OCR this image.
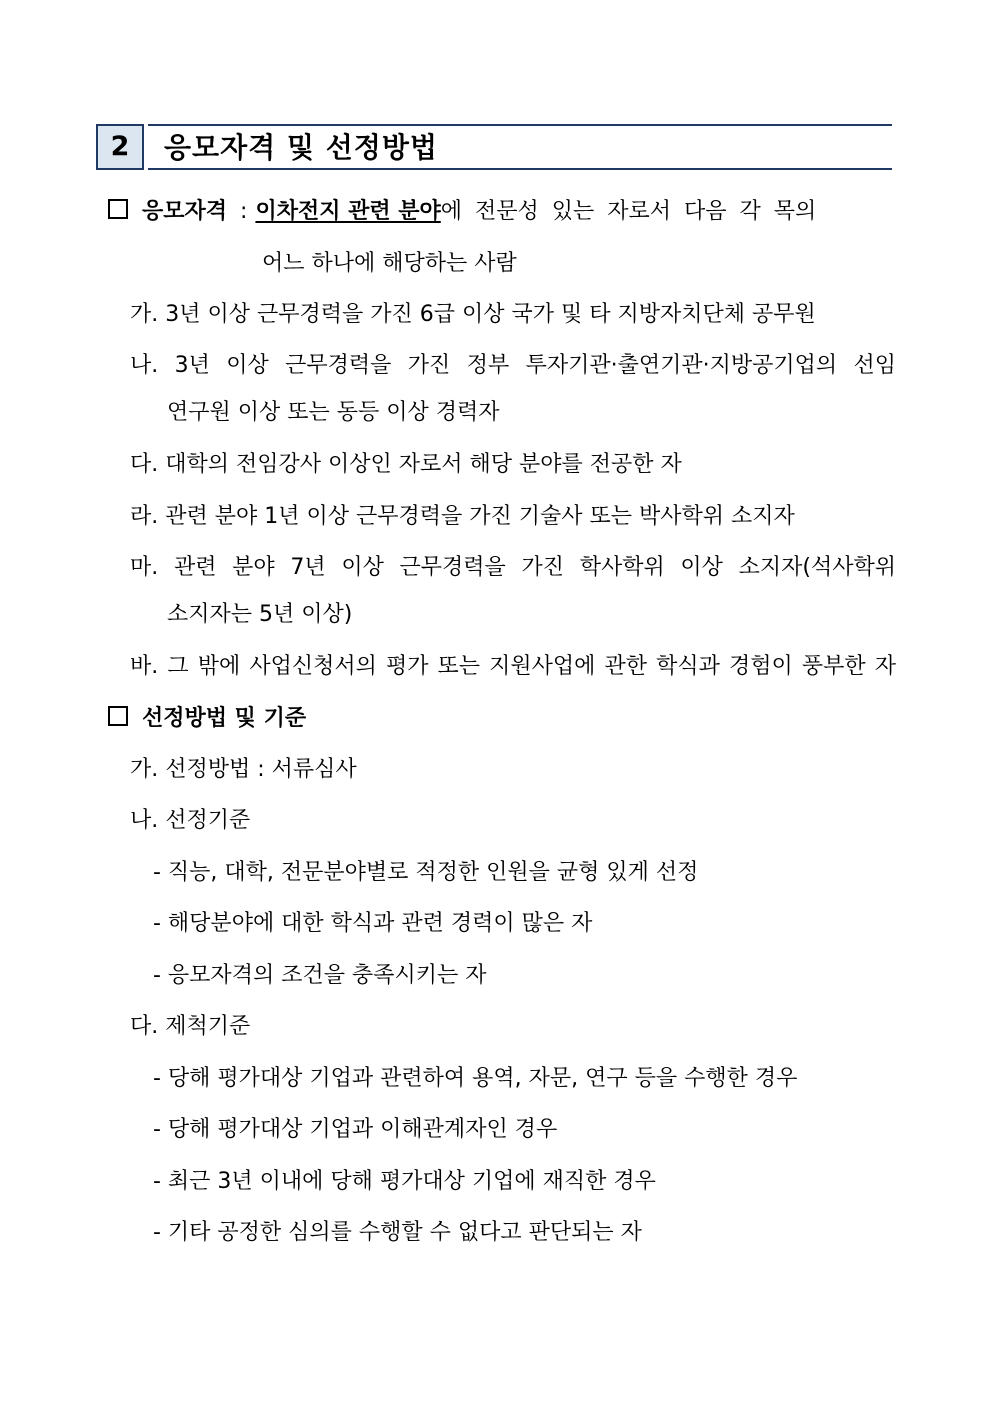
2	응모자격 및 선정방법
응모자격 : 이차전지 관련 분야에 전문성 있는 자로서 다음 각 목의
어느 하나에 해당하는 사람
가. 3년 이상 근무경력을 가진 6급 이상 국가 및 타 지방자치단체 공무원
나. 3년 이상 근무경력을 가진 정부 투자기관·출연기관·지방공기업의 선임
연구원 이상 또는 동등 이상 경력자
다. 대학의 전임강사 이상인 자로서 해당 분야를 전공한 자
라. 관련 분야 1년 이상 근무경력을 가진 기술사 또는 박사학위 소지자
마. 관련 분야 7년 이상 근무경력을 가진 학사학위 이상 소지자(석사학위
소지자는 5년 이상)
바. 그 밖에 사업신청서의 평가 또는 지원사업에 관한 학식과 경험이 풍부한 자
선정방법 및 기준
가. 선정방법 : 서류심사
나. 선정기준
- 직능, 대학, 전문분야별로 적정한 인원을 균형 있게 선정
- 해당분야에 대한 학식과 관련 경력이 많은 자
- 응모자격의 조건을 충족시키는 자
다. 제척기준
- 당해 평가대상 기업과 관련하여 용역, 자문, 연구 등을 수행한 경우
- 당해 평가대상 기업과 이해관계자인 경우
- 최근 3년 이내에 당해 평가대상 기업에 재직한 경우
- 기타 공정한 심의를 수행할 수 없다고 판단되는 자
